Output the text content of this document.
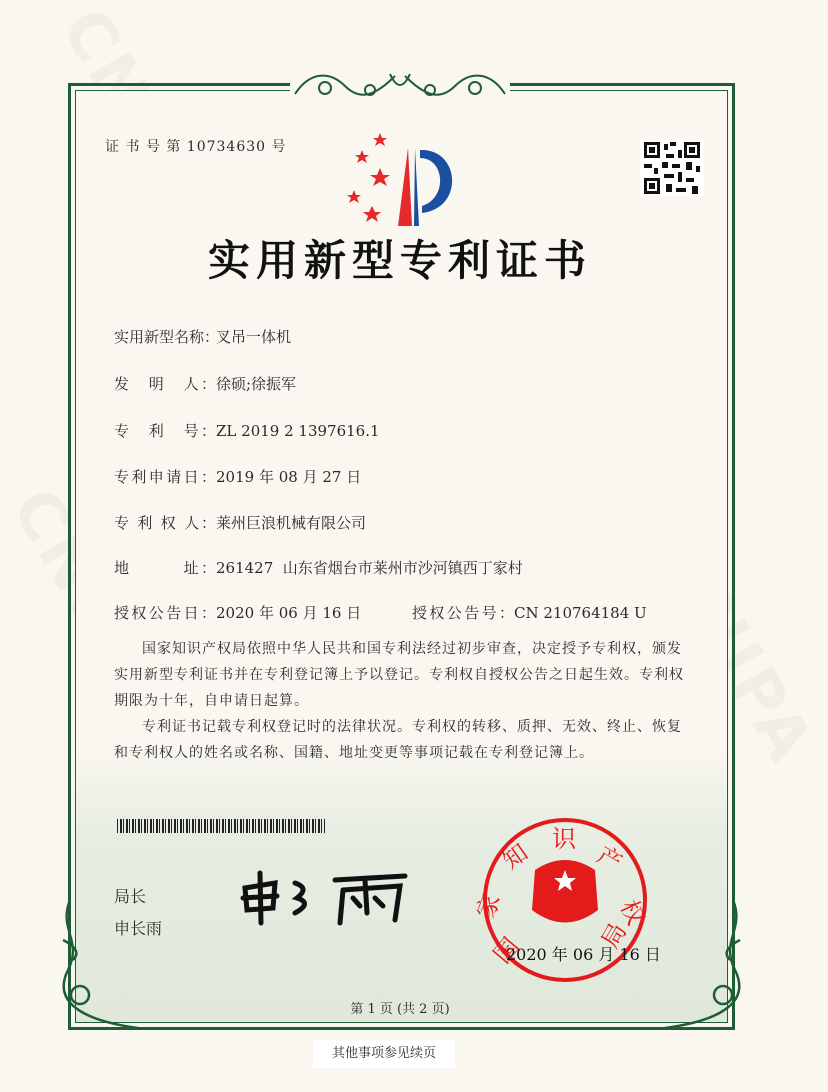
证 书 号 第 10734630 号
实用新型专利证书
实用新型名称：叉吊一体机
发　明　人：徐硕;徐振军
专　利　号：ZL 2019 2 1397616.1
专利申请日：2019 年 08 月 27 日
专 利 权 人：莱州巨浪机械有限公司
地　　　址：261427  山东省烟台市莱州市沙河镇西丁家村
授权公告日：2020 年 06 月 16 日	授权公告号：CN 210764184 U
国家知识产权局依照中华人民共和国专利法经过初步审查，决定授予专利权，颁发实用新型专利证书并在专利登记簿上予以登记。专利权自授权公告之日起生效。专利权期限为十年，自申请日起算。
专利证书记载专利权登记时的法律状况。专利权的转移、质押、无效、终止、恢复和专利权人的姓名或名称、国籍、地址变更等事项记载在专利登记簿上。
局长
申长雨
国
家
知 识
产
权
局
2020 年 06 月 16 日
第 1 页 (共 2 页)
其他事项参见续页
